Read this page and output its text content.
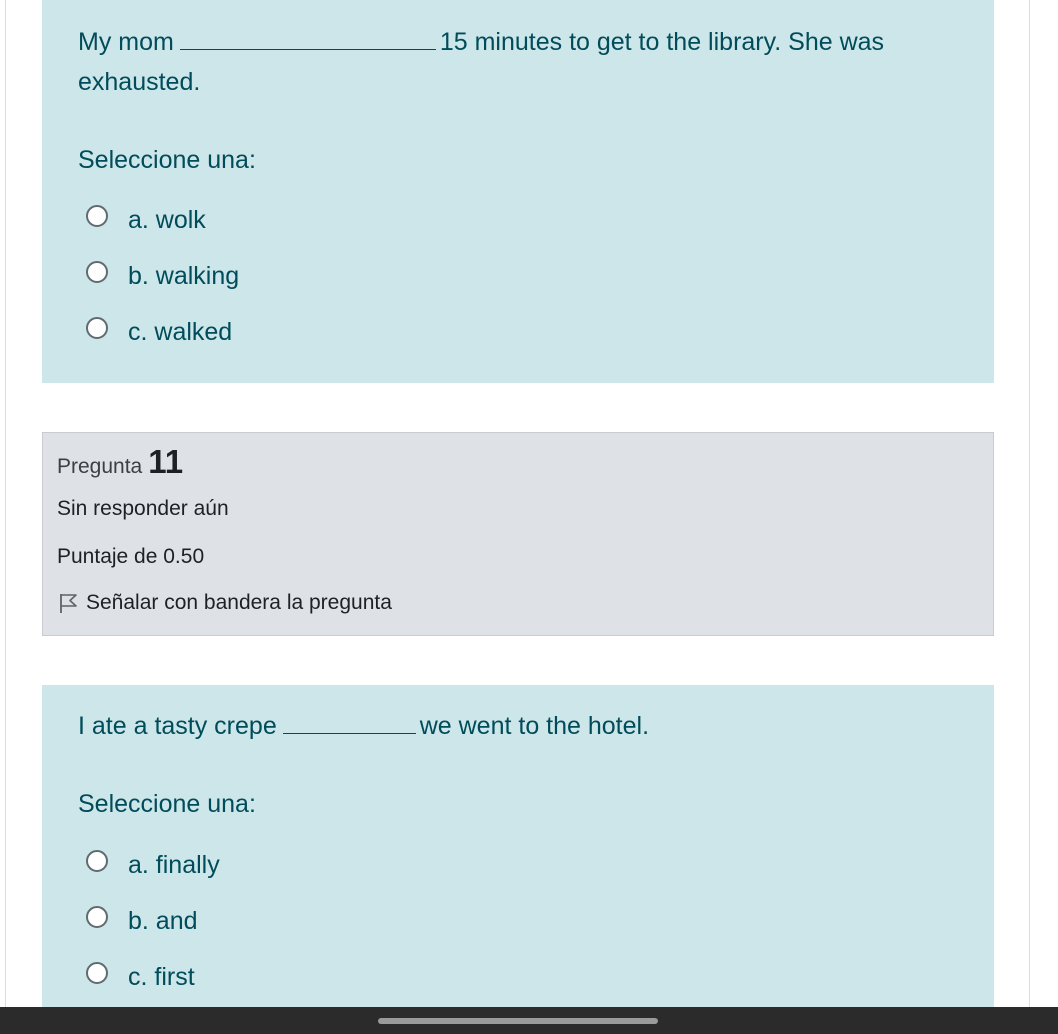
My mom	15 minutes to get to the library. She was exhausted.

Seleccione una:

a. wolk
b. walking
c. walked
Pregunta 11
Sin responder aún
Puntaje de 0.50
Señalar con bandera la pregunta

I ate a tasty crepe	we went to the hotel.

Seleccione una:

a. finally
b. and
c. first
